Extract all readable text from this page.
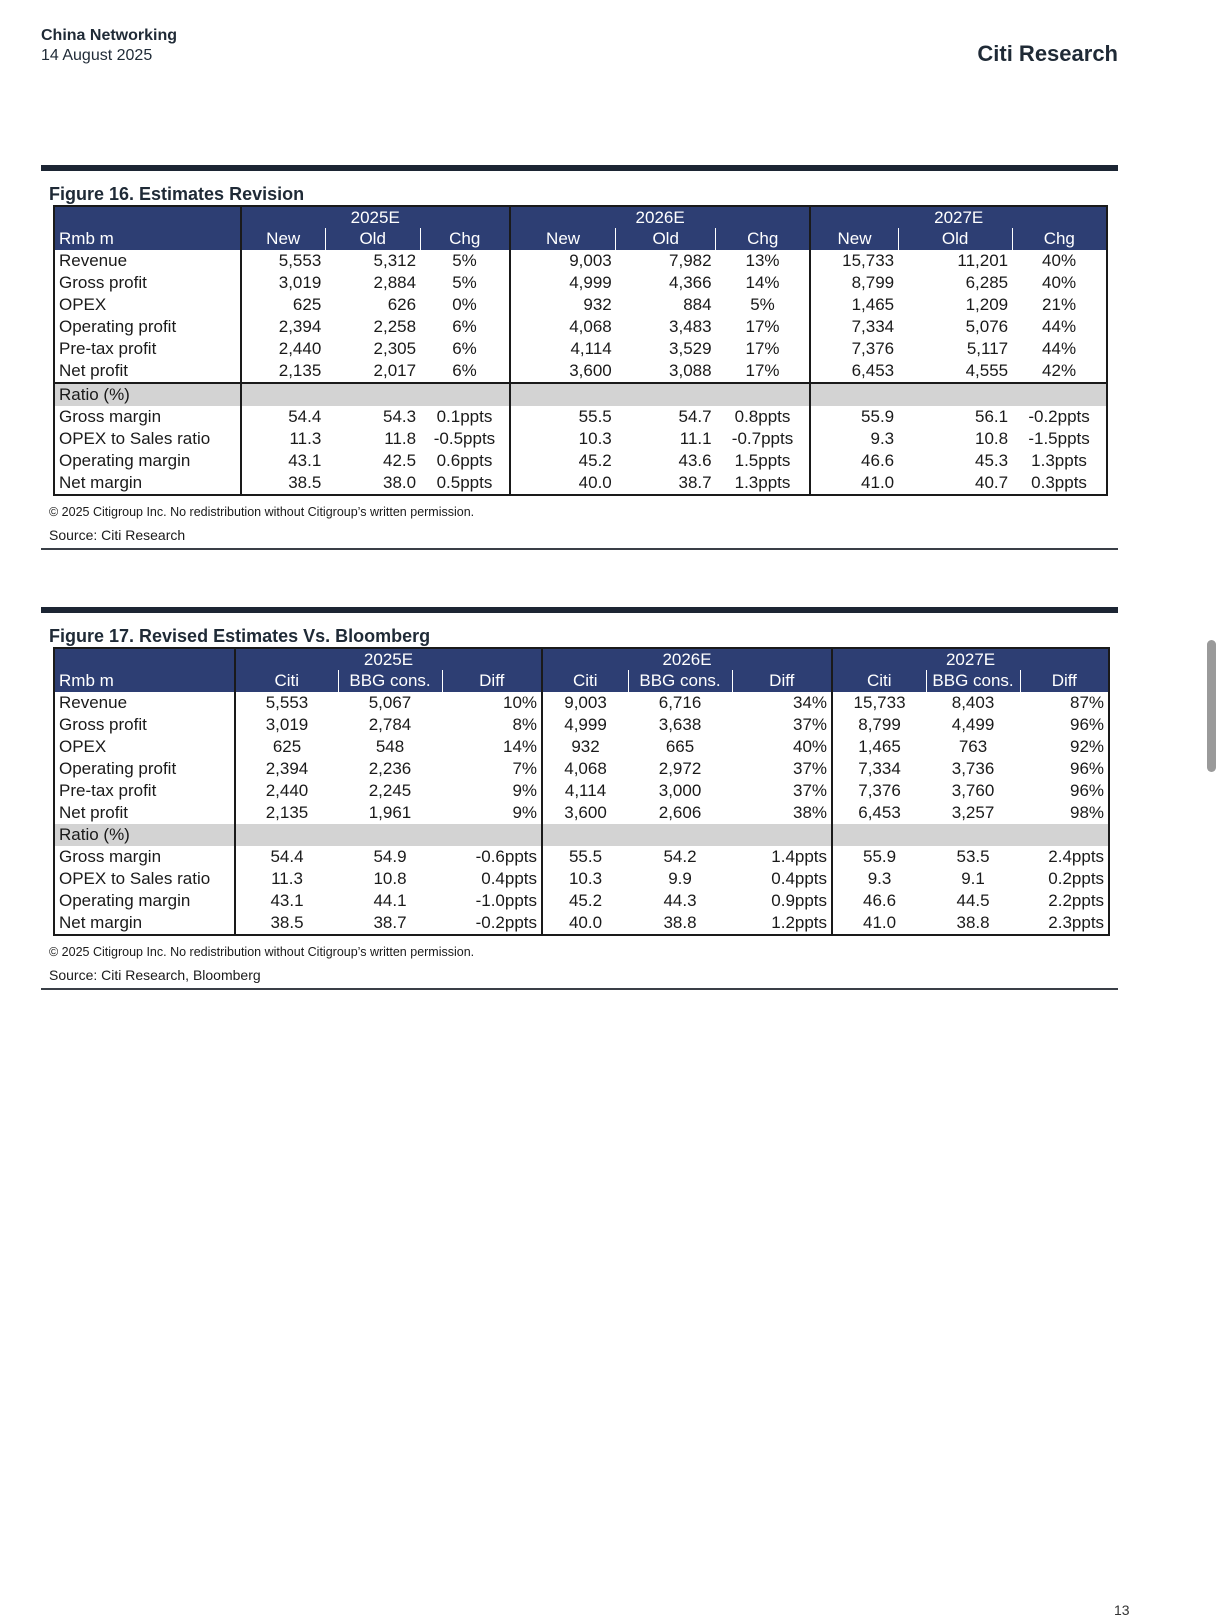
China Networking
14 August 2025	Citi Research
Figure 16. Estimates Revision
	2025E			2026E			2027E		
Rmb m	New	Old	Chg	New	Old	Chg	New	Old	Chg
Revenue	5,553	5,312	5%	9,003	7,982	13%	15,733	11,201	40%
Gross profit	3,019	2,884	5%	4,999	4,366	14%	8,799	6,285	40%
OPEX	625	626	0%	932	884	5%	1,465	1,209	21%
Operating profit	2,394	2,258	6%	4,068	3,483	17%	7,334	5,076	44%
Pre-tax profit	2,440	2,305	6%	4,114	3,529	17%	7,376	5,117	44%
Net profit	2,135	2,017	6%	3,600	3,088	17%	6,453	4,555	42%
Ratio (%)									
Gross margin	54.4	54.3	0.1ppts	55.5	54.7	0.8ppts	55.9	56.1	-0.2ppts
OPEX to Sales ratio	11.3	11.8	-0.5ppts	10.3	11.1	-0.7ppts	9.3	10.8	-1.5ppts
Operating margin	43.1	42.5	0.6ppts	45.2	43.6	1.5ppts	46.6	45.3	1.3ppts
Net margin	38.5	38.0	0.5ppts	40.0	38.7	1.3ppts	41.0	40.7	0.3ppts
© 2025 Citigroup Inc. No redistribution without Citigroup’s written permission.
Source: Citi Research
Figure 17. Revised Estimates Vs. Bloomberg
	2025E			2026E			2027E		
Rmb m	Citi	BBG cons.	Diff	Citi	BBG cons.	Diff	Citi	BBG cons.	Diff
Revenue	5,553	5,067	10%	9,003	6,716	34%	15,733	8,403	87%
Gross profit	3,019	2,784	8%	4,999	3,638	37%	8,799	4,499	96%
OPEX	625	548	14%	932	665	40%	1,465	763	92%
Operating profit	2,394	2,236	7%	4,068	2,972	37%	7,334	3,736	96%
Pre-tax profit	2,440	2,245	9%	4,114	3,000	37%	7,376	3,760	96%
Net profit	2,135	1,961	9%	3,600	2,606	38%	6,453	3,257	98%
Ratio (%)									
Gross margin	54.4	54.9	-0.6ppts	55.5	54.2	1.4ppts	55.9	53.5	2.4ppts
OPEX to Sales ratio	11.3	10.8	0.4ppts	10.3	9.9	0.4ppts	9.3	9.1	0.2ppts
Operating margin	43.1	44.1	-1.0ppts	45.2	44.3	0.9ppts	46.6	44.5	2.2ppts
Net margin	38.5	38.7	-0.2ppts	40.0	38.8	1.2ppts	41.0	38.8	2.3ppts
© 2025 Citigroup Inc. No redistribution without Citigroup’s written permission.
Source: Citi Research, Bloomberg
13
